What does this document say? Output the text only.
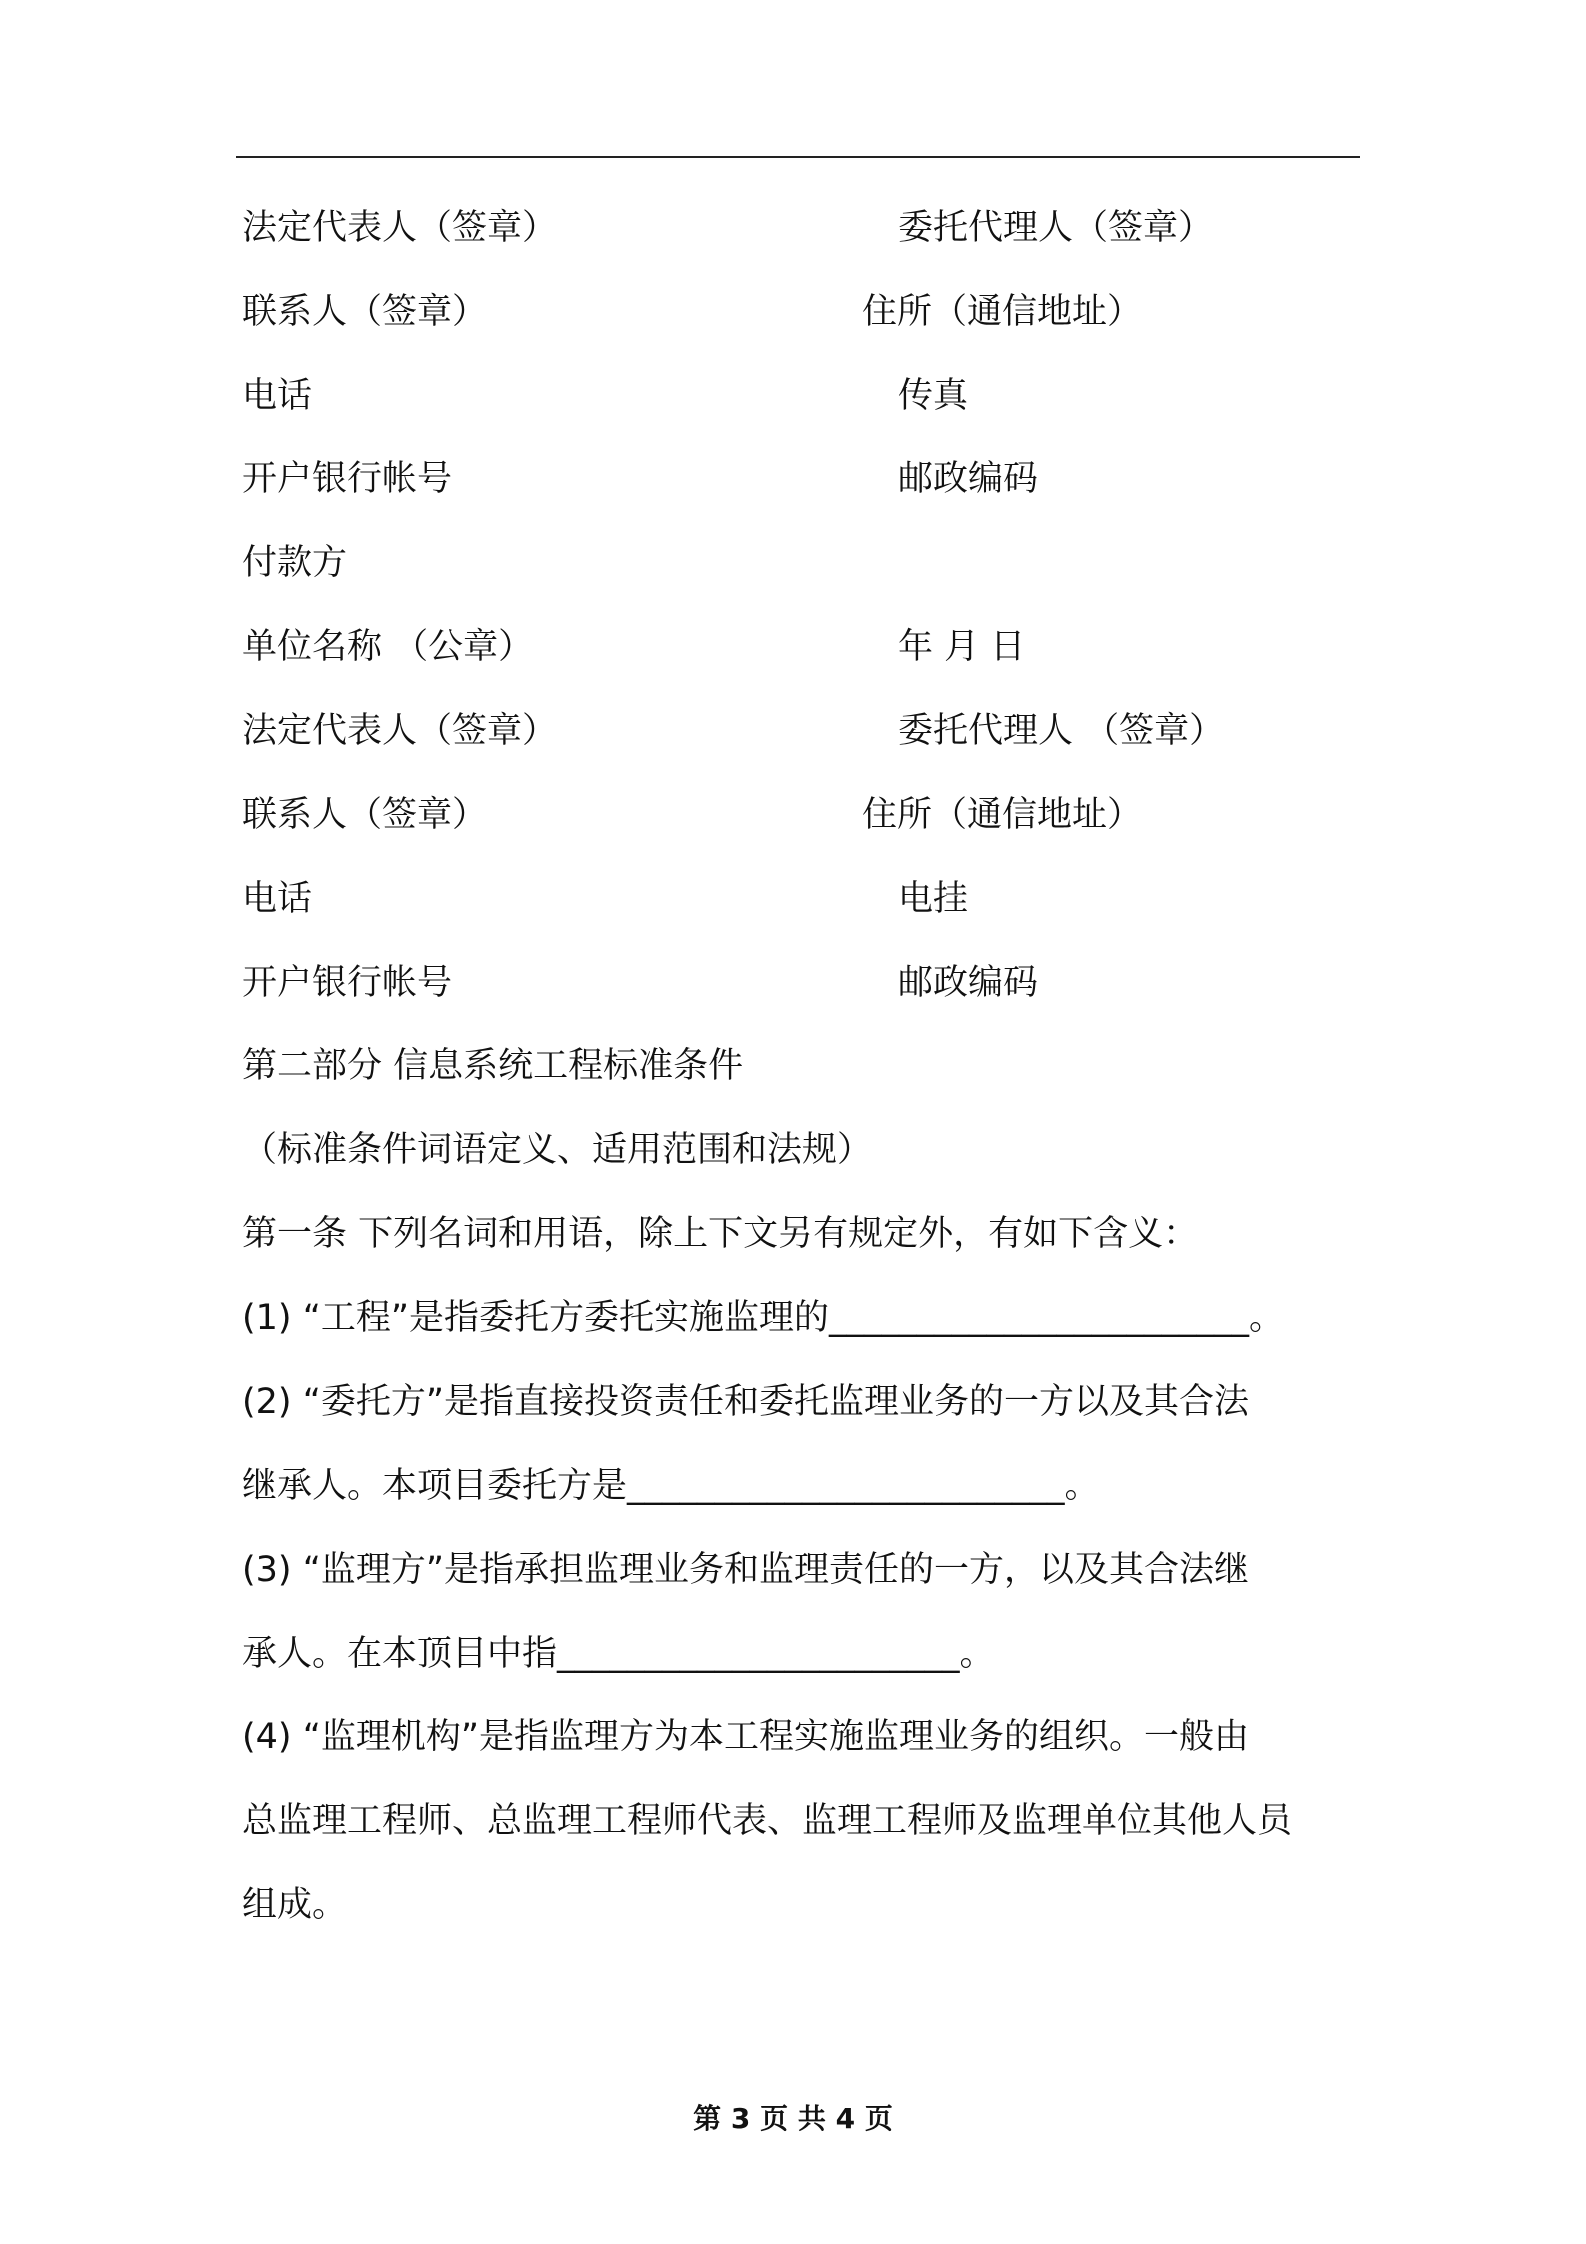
法定代表人（签章）	委托代理人（签章）
联系人（签章）	住所（通信地址）
电话	传真
开户银行帐号	邮政编码
付款方
单位名称 （公章）	年 月 日
法定代表人（签章）	委托代理人 （签章）
联系人（签章）	住所（通信地址）
电话	电挂
开户银行帐号	邮政编码
第二部分 信息系统工程标准条件
（标准条件词语定义、适用范围和法规）
第一条 下列名词和用语，除上下文另有规定外，有如下含义：
(1) “工程”是指委托方委托实施监理的________________________。
(2) “委托方”是指直接投资责任和委托监理业务的一方以及其合法
继承人。本项目委托方是_________________________。
(3) “监理方”是指承担监理业务和监理责任的一方，以及其合法继
承人。在本顶目中指_______________________。
(4) “监理机构”是指监理方为本工程实施监理业务的组织。一般由
总监理工程师、总监理工程师代表、监理工程师及监理单位其他人员
组成。
第 3 页 共 4 页
